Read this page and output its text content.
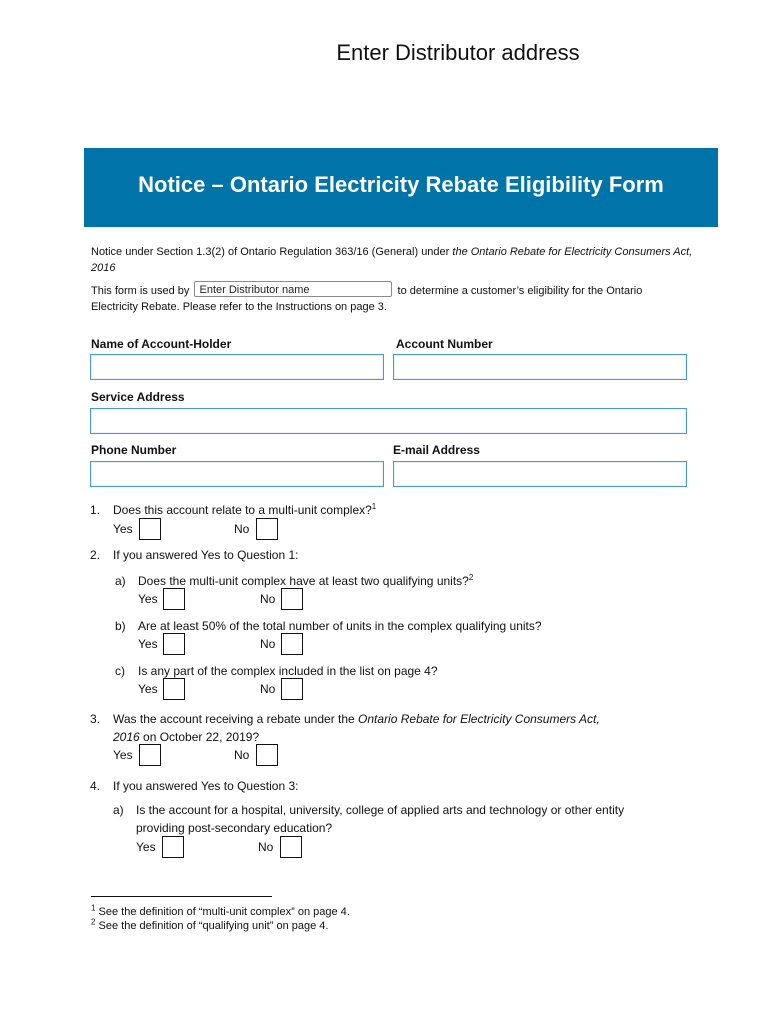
Enter Distributor address
Notice – Ontario Electricity Rebate Eligibility Form
Notice under Section 1.3(2) of Ontario Regulation 363/16 (General) under the Ontario Rebate for Electricity Consumers Act, 2016
This form is used by Enter Distributor name	to determine a customer’s eligibility for the Ontario
Electricity Rebate. Please refer to the Instructions on page 3.
Name of Account-Holder	Account Number
Service Address
Phone Number	E-mail Address
1. Does this account relate to a multi-unit complex?$^1$
Yes	No
2. If you answered Yes to Question 1:
a) Does the multi-unit complex have at least two qualifying units?$^2$
Yes	No
b) Are at least 50% of the total number of units in the complex qualifying units?
Yes	No
c) Is any part of the complex included in the list on page 4?
Yes	No
3. Was the account receiving a rebate under the Ontario Rebate for Electricity Consumers Act,
2016 on October 22, 2019?
Yes	No
4. If you answered Yes to Question 3:
a) Is the account for a hospital, university, college of applied arts and technology or other entity
providing post-secondary education?
Yes	No
$^1$ See the definition of “multi-unit complex” on page 4.
$^2$ See the definition of “qualifying unit” on page 4.
